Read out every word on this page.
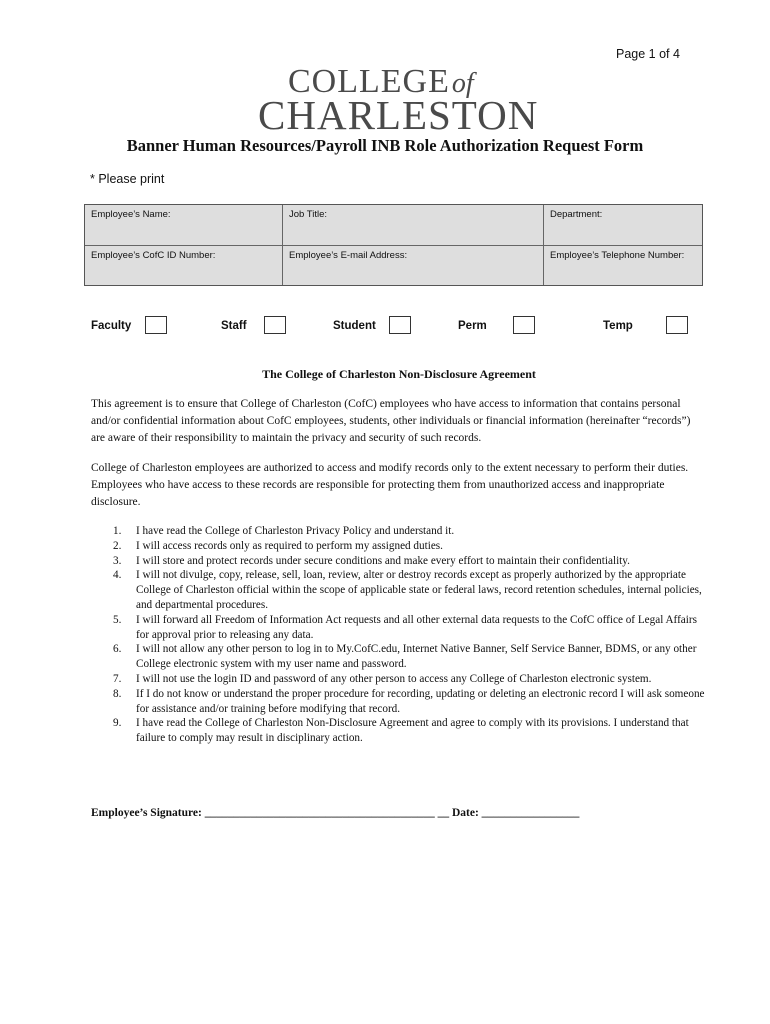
Page 1 of 4
COLLEGEof
CHARLESTON
Banner Human Resources/Payroll INB Role Authorization Request Form
* Please print
Employee’s Name:	Job Title:	Department:
Employee’s CofC ID Number:	Employee’s E-mail Address:	Employee’s Telephone Number:
Faculty	Staff	Student	Perm	Temp
The College of Charleston Non-Disclosure Agreement
This agreement is to ensure that College of Charleston (CofC) employees who have access to information that contains personal and/or confidential information about CofC employees, students, other individuals or financial information (hereinafter “records”) are aware of their responsibility to maintain the privacy and security of such records.
College of Charleston employees are authorized to access and modify records only to the extent necessary to perform their duties. Employees who have access to these records are responsible for protecting them from unauthorized access and inappropriate disclosure.
1. I have read the College of Charleston Privacy Policy and understand it.
2. I will access records only as required to perform my assigned duties.
3. I will store and protect records under secure conditions and make every effort to maintain their confidentiality.
4. I will not divulge, copy, release, sell, loan, review, alter or destroy records except as properly authorized by the appropriate College of Charleston official within the scope of applicable state or federal laws, record retention schedules, internal policies, and departmental procedures.
5. I will forward all Freedom of Information Act requests and all other external data requests to the CofC office of Legal Affairs for approval prior to releasing any data.
6. I will not allow any other person to log in to My.CofC.edu, Internet Native Banner, Self Service Banner, BDMS, or any other College electronic system with my user name and password.
7. I will not use the login ID and password of any other person to access any College of Charleston electronic system.
8. If I do not know or understand the proper procedure for recording, updating or deleting an electronic record I will ask someone for assistance and/or training before modifying that record.
9. I have read the College of Charleston Non-Disclosure Agreement and agree to comply with its provisions. I understand that failure to comply may result in disciplinary action.
Employee’s Signature: ________________________________________ __ Date: _________________
